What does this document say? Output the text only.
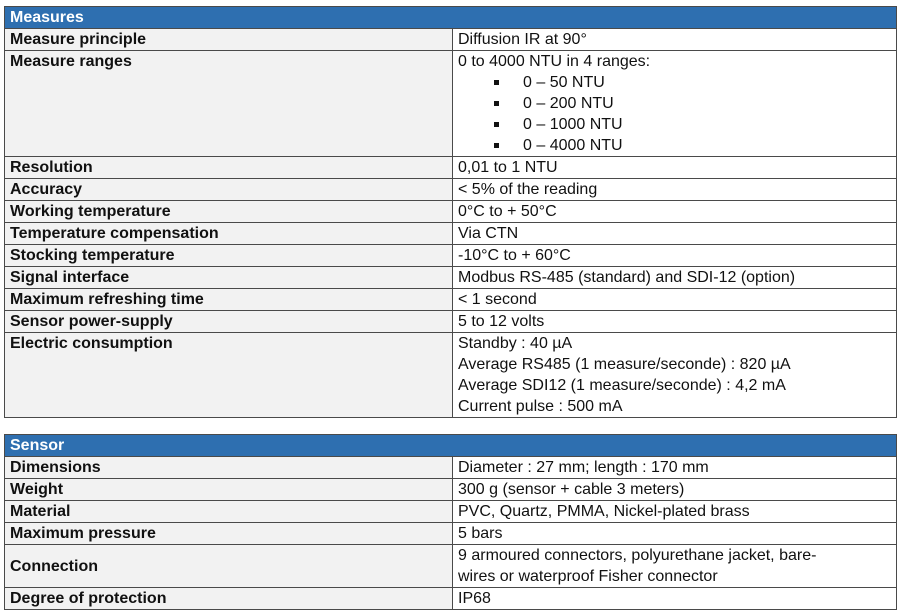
Measures	
Measure principle	Diffusion IR at 90°
Measure ranges	0 to 4000 NTU in 4 ranges:
0 – 50 NTU
0 – 200 NTU
0 – 1000 NTU
0 – 4000 NTU

Resolution	0,01 to 1 NTU
Accuracy	< 5% of the reading
Working temperature	0°C to + 50°C
Temperature compensation	Via CTN
Stocking temperature	-10°C to + 60°C
Signal interface	Modbus RS-485 (standard) and SDI-12 (option)
Maximum refreshing time	< 1 second
Sensor power-supply	5 to 12 volts
Electric consumption	Standby : 40 µA
Average RS485 (1 measure/seconde) : 820 µA
Average SDI12 (1 measure/seconde) : 4,2 mA
Current pulse : 500 mA
Sensor	
Dimensions	Diameter : 27 mm; length : 170 mm
Weight	300 g (sensor + cable 3 meters)
Material	PVC, Quartz, PMMA, Nickel-plated brass
Maximum pressure	5 bars
Connection	9 armoured connectors, polyurethane jacket, bare-
wires or waterproof Fisher connector

Degree of protection	IP68
